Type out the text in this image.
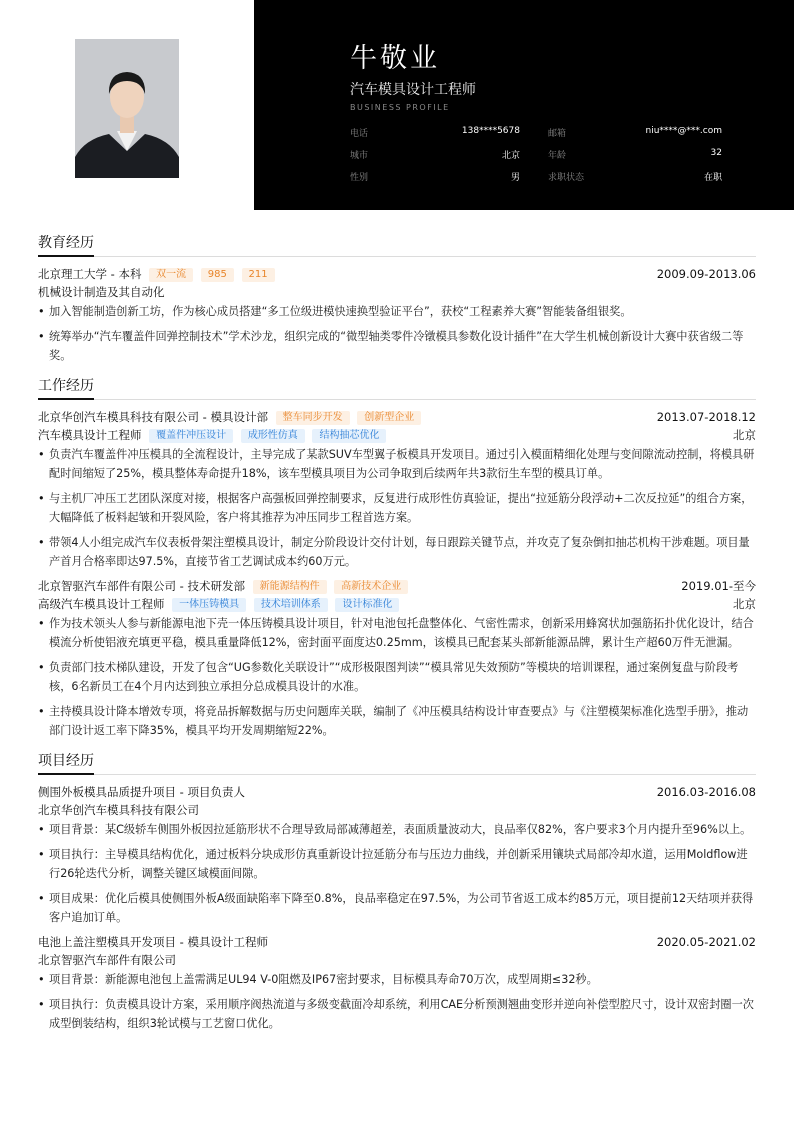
牛敬业
汽车模具设计工程师
BUSINESS PROFILE
电话	138****5678	邮箱	niu****@***.com
城市	北京	年龄	32
性别	男	求职状态	在职
教育经历
北京理工大学 - 本科 双一流 985 211	2009.09-2013.06
机械设计制造及其自动化
• 加入智能制造创新工坊，作为核心成员搭建“多工位级进模快速换型验证平台”，获校“工程素养大赛”智能装备组银奖。
• 统筹举办“汽车覆盖件回弹控制技术”学术沙龙，组织完成的“微型轴类零件冷镦模具参数化设计插件”在大学生机械创新设计大赛中获省级二等奖。
工作经历
北京华创汽车模具科技有限公司 - 模具设计部 整车同步开发 创新型企业	2013.07-2018.12
汽车模具设计工程师 覆盖件冲压设计 成形性仿真 结构抽芯优化	北京
• 负责汽车覆盖件冲压模具的全流程设计，主导完成了某款SUV车型翼子板模具开发项目。通过引入模面精细化处理与变间隙流动控制，将模具研配时间缩短了25%，模具整体寿命提升18%，该车型模具项目为公司争取到后续两年共3款衍生车型的模具订单。
• 与主机厂冲压工艺团队深度对接，根据客户高强板回弹控制要求，反复进行成形性仿真验证，提出“拉延筋分段浮动+二次反拉延”的组合方案，大幅降低了板料起皱和开裂风险，客户将其推荐为冲压同步工程首选方案。
• 带领4人小组完成汽车仪表板骨架注塑模具设计，制定分阶段设计交付计划，每日跟踪关键节点，并攻克了复杂倒扣抽芯机构干涉难题。项目量产首月合格率即达97.5%，直接节省工艺调试成本约60万元。
北京智驱汽车部件有限公司 - 技术研发部 新能源结构件 高新技术企业	2019.01-至今
高级汽车模具设计工程师 一体压铸模具 技术培训体系 设计标准化	北京
• 作为技术领头人参与新能源电池下壳一体压铸模具设计项目，针对电池包托盘整体化、气密性需求，创新采用蜂窝状加强筋拓扑优化设计，结合模流分析使铝液充填更平稳，模具重量降低12%，密封面平面度达0.25mm，该模具已配套某头部新能源品牌，累计生产超60万件无泄漏。
• 负责部门技术梯队建设，开发了包含“UG参数化关联设计”“成形极限图判读”“模具常见失效预防”等模块的培训课程，通过案例复盘与阶段考核，6名新员工在4个月内达到独立承担分总成模具设计的水准。
• 主持模具设计降本增效专项，将竞品拆解数据与历史问题库关联，编制了《冲压模具结构设计审查要点》与《注塑模架标准化选型手册》，推动部门设计返工率下降35%，模具平均开发周期缩短22%。
项目经历
侧围外板模具品质提升项目 - 项目负责人	2016.03-2016.08
北京华创汽车模具科技有限公司
• 项目背景：某C级轿车侧围外板因拉延筋形状不合理导致局部减薄超差，表面质量波动大，良品率仅82%，客户要求3个月内提升至96%以上。
• 项目执行：主导模具结构优化，通过板料分块成形仿真重新设计拉延筋分布与压边力曲线，并创新采用镶块式局部冷却水道，运用Moldflow进行26轮迭代分析，调整关键区域模面间隙。
• 项目成果：优化后模具使侧围外板A级面缺陷率下降至0.8%，良品率稳定在97.5%，为公司节省返工成本约85万元，项目提前12天结项并获得客户追加订单。
电池上盖注塑模具开发项目 - 模具设计工程师	2020.05-2021.02
北京智驱汽车部件有限公司
• 项目背景：新能源电池包上盖需满足UL94 V-0阻燃及IP67密封要求，目标模具寿命70万次，成型周期≤32秒。
• 项目执行：负责模具设计方案，采用顺序阀热流道与多级变截面冷却系统，利用CAE分析预测翘曲变形并逆向补偿型腔尺寸，设计双密封圈一次成型倒装结构，组织3轮试模与工艺窗口优化。
